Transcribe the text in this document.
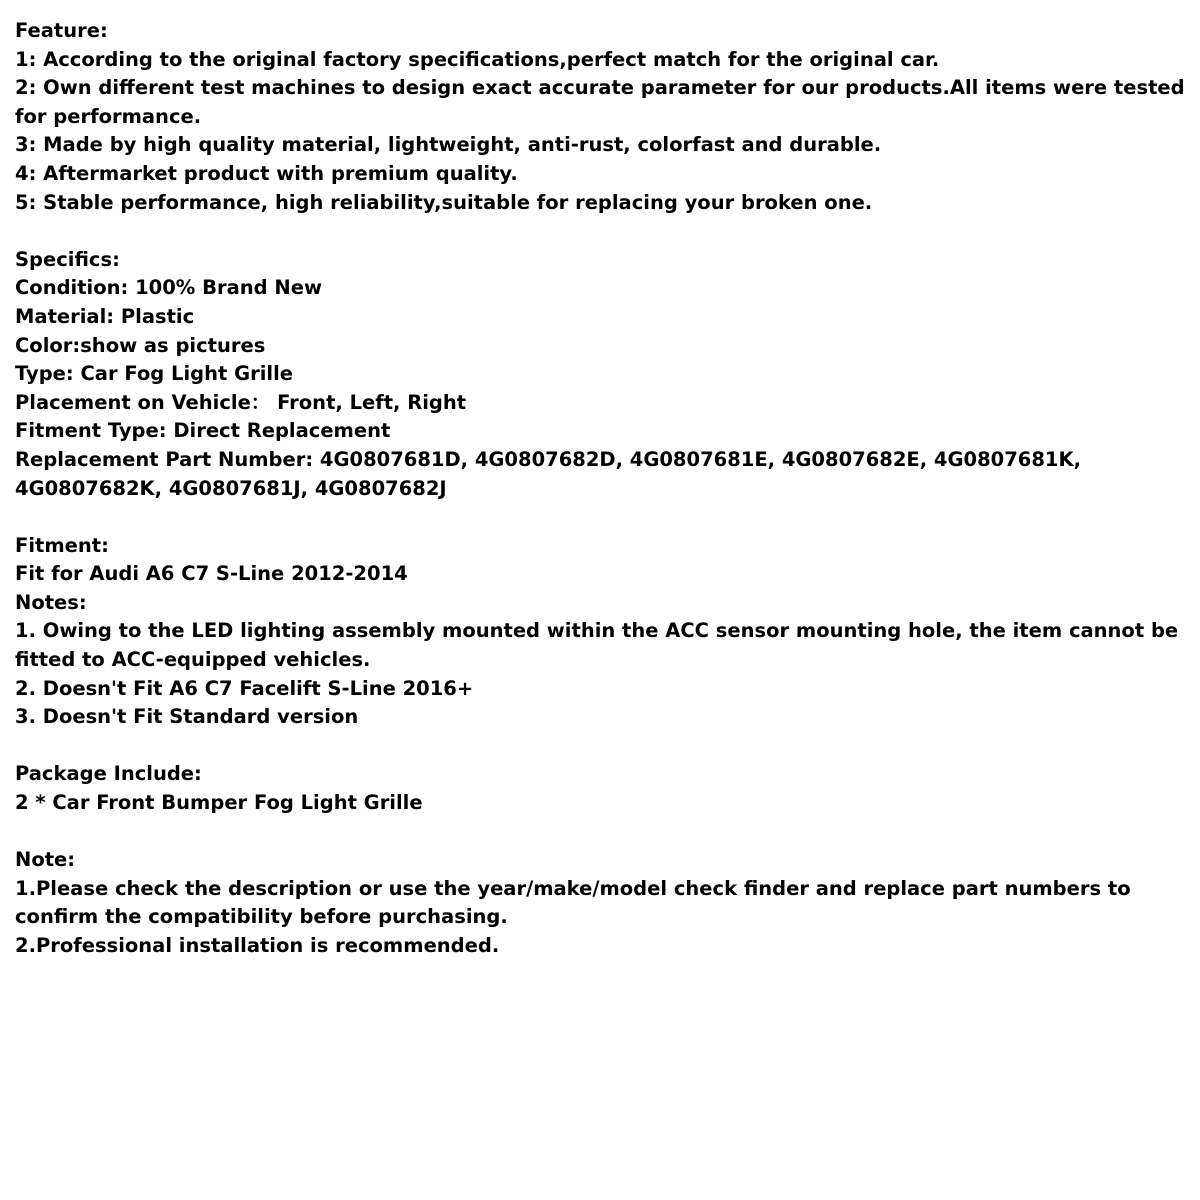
Feature:
1: According to the original factory specifications,perfect match for the original car.
2: Own different test machines to design exact accurate parameter for our products.All items were tested for performance.
3: Made by high quality material, lightweight, anti-rust, colorfast and durable.
4: Aftermarket product with premium quality.
5: Stable performance, high reliability,suitable for replacing your broken one.
Specifics:
Condition: 100% Brand New
Material: Plastic
Color:show as pictures
Type: Car Fog Light Grille
Placement on Vehicle： Front, Left, Right
Fitment Type: Direct Replacement
Replacement Part Number: 4G0807681D, 4G0807682D, 4G0807681E, 4G0807682E, 4G0807681K, 4G0807682K, 4G0807681J, 4G0807682J
Fitment:
Fit for Audi A6 C7 S-Line 2012-2014
Notes:
1. Owing to the LED lighting assembly mounted within the ACC sensor mounting hole, the item cannot be fitted to ACC-equipped vehicles.
2. Doesn't Fit A6 C7 Facelift S-Line 2016+
3. Doesn't Fit Standard version
Package Include:
2 * Car Front Bumper Fog Light Grille
Note:
1.Please check the description or use the year/make/model check finder and replace part numbers to confirm the compatibility before purchasing.
2.Professional installation is recommended.
